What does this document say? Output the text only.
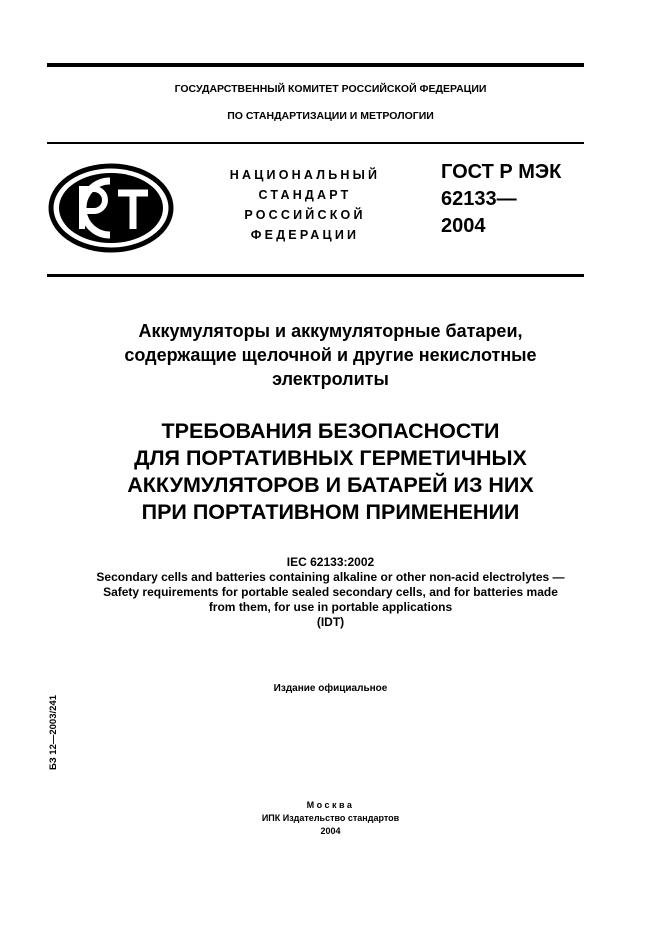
ГОСУДАРСТВЕННЫЙ КОМИТЕТ РОССИЙСКОЙ ФЕДЕРАЦИИ
ПО СТАНДАРТИЗАЦИИ И МЕТРОЛОГИИ
НАЦИОНАЛЬНЫЙ
СТАНДАРТ
РОССИЙСКОЙ
ФЕДЕРАЦИИ
ГОСТ Р МЭК
62133—
2004
Аккумуляторы и аккумуляторные батареи,
содержащие щелочной и другие некислотные
электролиты
ТРЕБОВАНИЯ БЕЗОПАСНОСТИ
ДЛЯ ПОРТАТИВНЫХ ГЕРМЕТИЧНЫХ
АККУМУЛЯТОРОВ И БАТАРЕЙ ИЗ НИХ
ПРИ ПОРТАТИВНОМ ПРИМЕНЕНИИ
IEC 62133:2002
Secondary cells and batteries containing alkaline or other non-acid electrolytes —
Safety requirements for portable sealed secondary cells, and for batteries made
from them, for use in portable applications
(IDT)
Издание официальное
БЗ 12—2003/241
Москва
ИПК Издательство стандартов
2004
